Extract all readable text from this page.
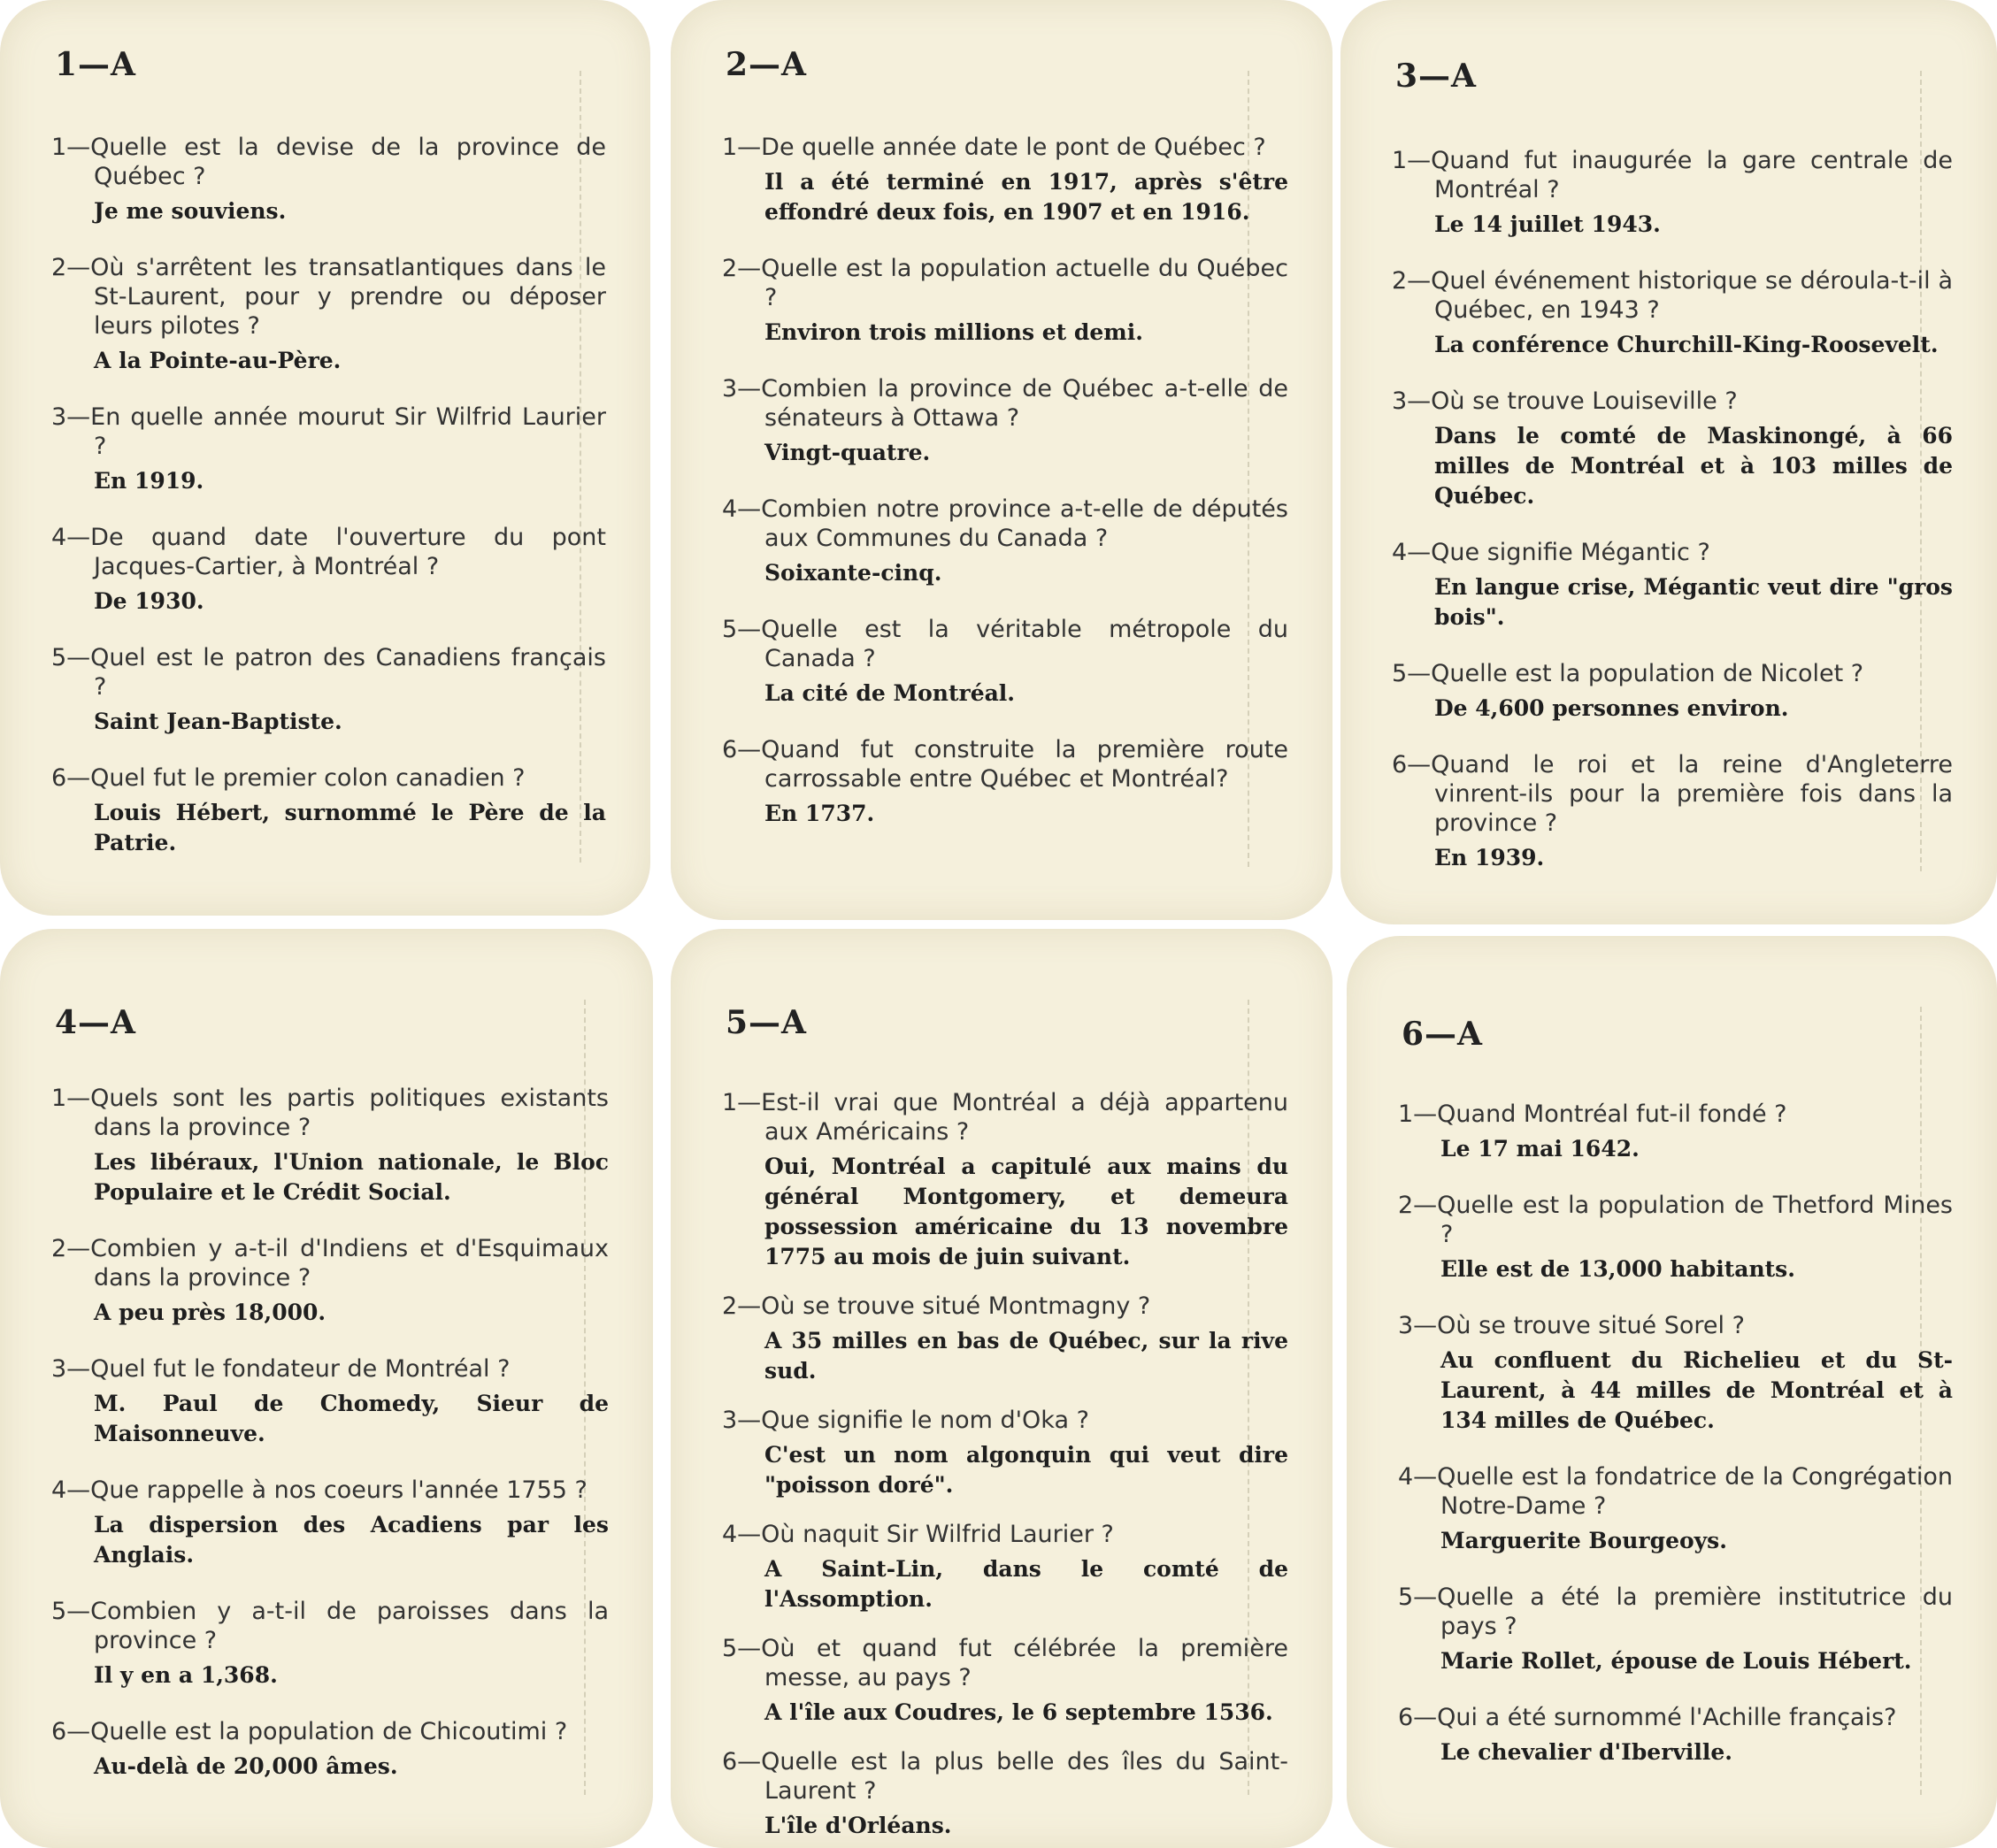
1—A
1—Quelle est la devise de la province de Québec ?
Je me souviens.
2—Où s'arrêtent les transatlantiques dans le St-Laurent, pour y prendre ou déposer leurs pilotes ?
A la Pointe-au-Père.
3—En quelle année mourut Sir Wilfrid Laurier ?
En 1919.
4—De quand date l'ouverture du pont Jacques-Cartier, à Montréal ?
De 1930.
5—Quel est le patron des Canadiens français ?
Saint Jean-Baptiste.
6—Quel fut le premier colon canadien ?
Louis Hébert, surnommé le Père de la Patrie.
2—A
1—De quelle année date le pont de Québec ?
Il a été terminé en 1917, après s'être effondré deux fois, en 1907 et en 1916.
2—Quelle est la population actuelle du Québec ?
Environ trois millions et demi.
3—Combien la province de Québec a-t-elle de sénateurs à Ottawa ?
Vingt-quatre.
4—Combien notre province a-t-elle de députés aux Communes du Canada ?
Soixante-cinq.
5—Quelle est la véritable métropole du Canada ?
La cité de Montréal.
6—Quand fut construite la première route carrossable entre Québec et Montréal?
En 1737.
3—A
1—Quand fut inaugurée la gare centrale de Montréal ?
Le 14 juillet 1943.
2—Quel événement historique se déroula-t-il à Québec, en 1943 ?
La conférence Churchill-King-Roosevelt.
3—Où se trouve Louiseville ?
Dans le comté de Maskinongé, à 66 milles de Montréal et à 103 milles de Québec.
4—Que signifie Mégantic ?
En langue crise, Mégantic veut dire "gros bois".
5—Quelle est la population de Nicolet ?
De 4,600 personnes environ.
6—Quand le roi et la reine d'Angleterre vinrent-ils pour la première fois dans la province ?
En 1939.
4—A
1—Quels sont les partis politiques existants dans la province ?
Les libéraux, l'Union nationale, le Bloc Populaire et le Crédit Social.
2—Combien y a-t-il d'Indiens et d'Esquimaux dans la province ?
A peu près 18,000.
3—Quel fut le fondateur de Montréal ?
M. Paul de Chomedy, Sieur de Maisonneuve.
4—Que rappelle à nos coeurs l'année 1755 ?
La dispersion des Acadiens par les Anglais.
5—Combien y a-t-il de paroisses dans la province ?
Il y en a 1,368.
6—Quelle est la population de Chicoutimi ?
Au-delà de 20,000 âmes.
5—A
1—Est-il vrai que Montréal a déjà appartenu aux Américains ?
Oui, Montréal a capitulé aux mains du général Montgomery, et demeura possession américaine du 13 novembre 1775 au mois de juin suivant.
2—Où se trouve situé Montmagny ?
A 35 milles en bas de Québec, sur la rive sud.
3—Que signifie le nom d'Oka ?
C'est un nom algonquin qui veut dire "poisson doré".
4—Où naquit Sir Wilfrid Laurier ?
A Saint-Lin, dans le comté de l'Assomption.
5—Où et quand fut célébrée la première messe, au pays ?
A l'île aux Coudres, le 6 septembre 1536.
6—Quelle est la plus belle des îles du Saint-Laurent ?
L'île d'Orléans.
6—A
1—Quand Montréal fut-il fondé ?
Le 17 mai 1642.
2—Quelle est la population de Thetford Mines ?
Elle est de 13,000 habitants.
3—Où se trouve situé Sorel ?
Au confluent du Richelieu et du St-Laurent, à 44 milles de Montréal et à 134 milles de Québec.
4—Quelle est la fondatrice de la Congrégation Notre-Dame ?
Marguerite Bourgeoys.
5—Quelle a été la première institutrice du pays ?
Marie Rollet, épouse de Louis Hébert.
6—Qui a été surnommé l'Achille français?
Le chevalier d'Iberville.
